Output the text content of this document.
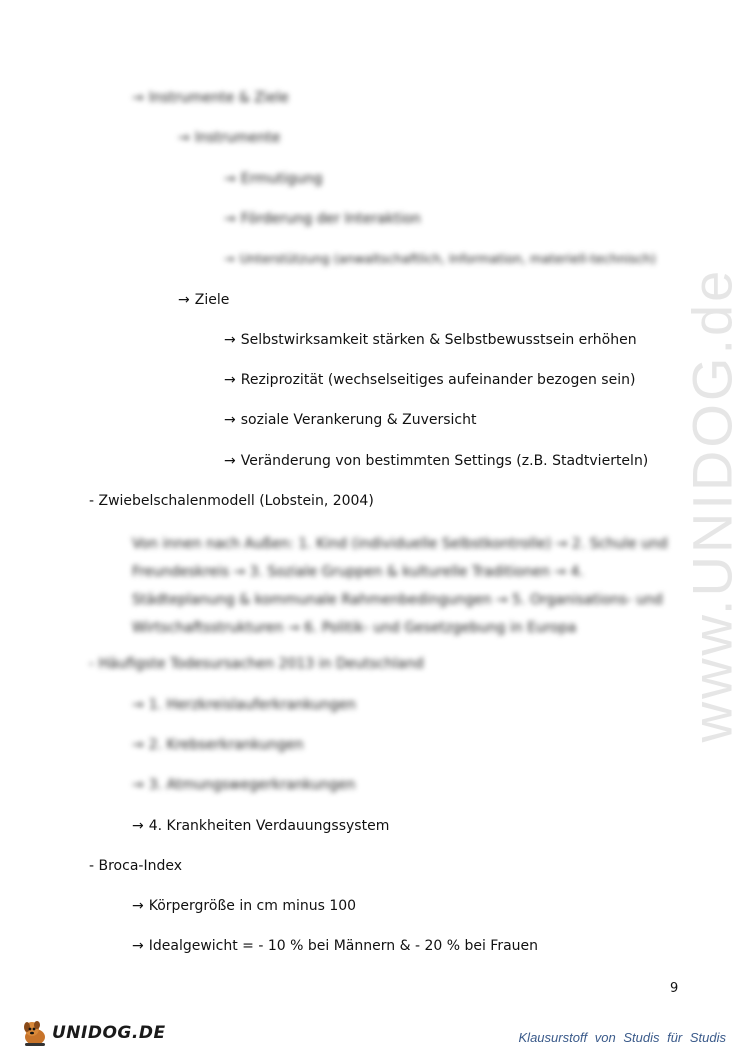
www.UNIDOG.de
→ Instrumente & Ziele
→ Instrumente
→ Ermutigung
→ Förderung der Interaktion
→ Unterstützung (anwaltschaftlich, Information, materiell-technisch)
→ Ziele
→ Selbstwirksamkeit stärken & Selbstbewusstsein erhöhen
→ Reziprozität (wechselseitiges aufeinander bezogen sein)
→ soziale Verankerung & Zuversicht
→ Veränderung von bestimmten Settings (z.B. Stadtvierteln)
- Zwiebelschalenmodell (Lobstein, 2004)
Von innen nach Außen: 1. Kind (individuelle Selbstkontrolle) → 2. Schule und Freundeskreis → 3. Soziale Gruppen & kulturelle Traditionen → 4. Städteplanung & kommunale Rahmenbedingungen → 5. Organisations- und Wirtschaftsstrukturen → 6. Politik- und Gesetzgebung in Europa
- Häufigste Todesursachen 2013 in Deutschland
→ 1. Herzkreislauferkrankungen
→ 2. Krebserkrankungen
→ 3. Atmungswegerkrankungen
→ 4. Krankheiten Verdauungssystem
- Broca-Index
→ Körpergröße in cm minus 100
→ Idealgewicht = - 10 % bei Männern & - 20 % bei Frauen
9
UNIDOG.DE	Klausurstoff von Studis für Studis
